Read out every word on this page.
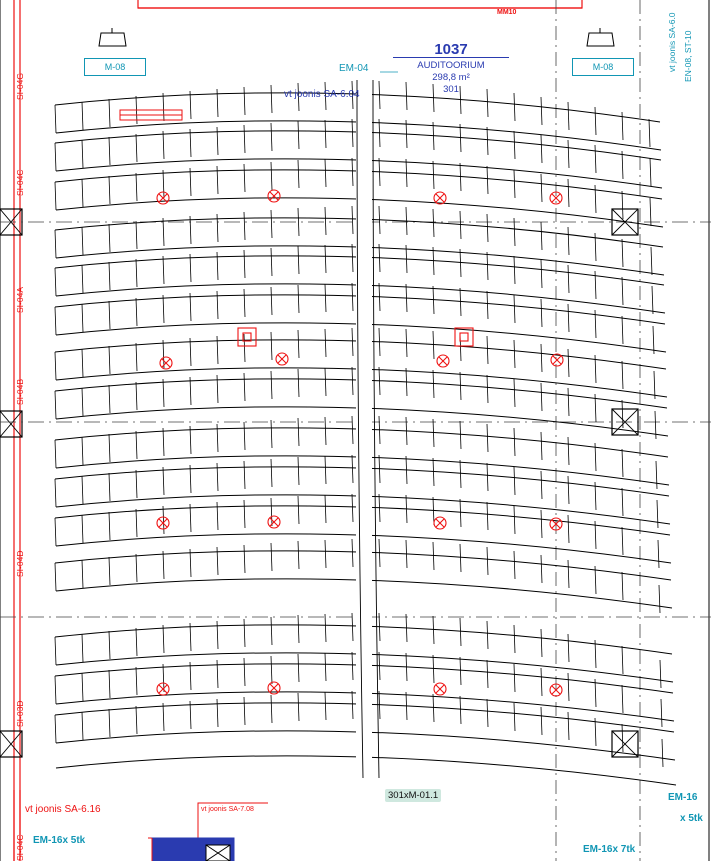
MM10
M-08	M-08
EM-04
1037
AUDITOORIUM
298,8 m²
301
vt joonis SA-6.04
SI-04G
SI-04C
SI-04A
SI-04B
SI-04D
SI-03D
SI-04C
vt joonis SA-6.0 EN-08, ST-10
vt joonis SA-6.16
EM-16x 5tk
vt joonis SA-7.08
301xM-01.1	EM-16
x 5tk
EM-16x 7tk
